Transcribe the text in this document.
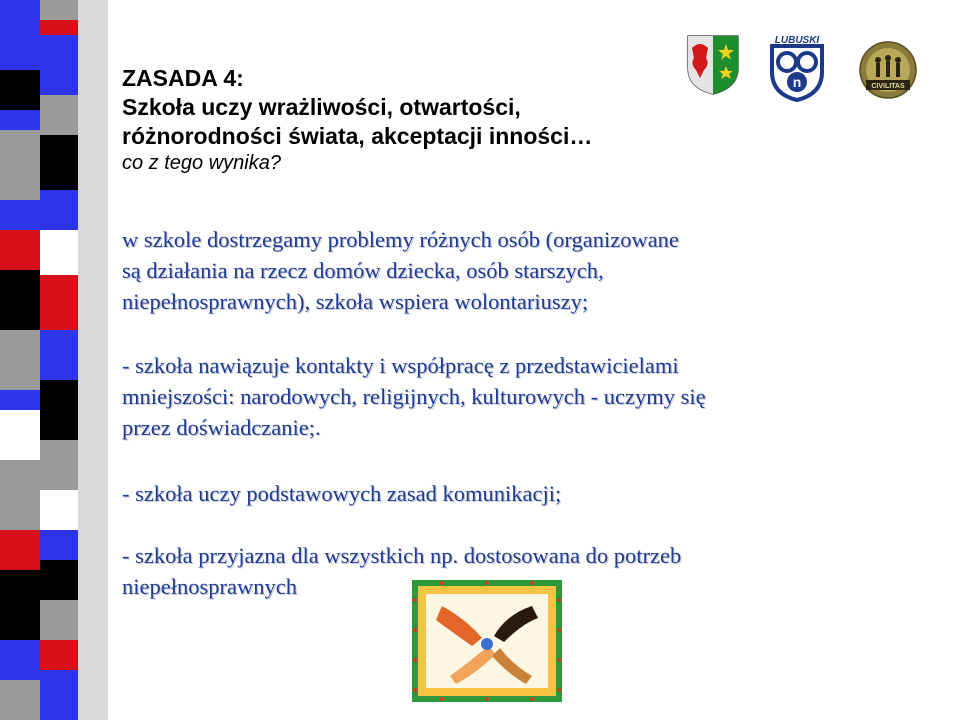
LUBUSKI
n	CIVILITAS

ZASADA 4:

Szkoła uczy wrażliwości, otwartości,

różnorodności świata, akceptacji inności…

co z tego wynika?

w szkole dostrzegamy problemy różnych osób (organizowane

są działania na rzecz domów dziecka, osób starszych,

niepełnosprawnych), szkoła wspiera wolontariuszy;

- szkoła nawiązuje kontakty i współpracę z przedstawicielami

mniejszości: narodowych, religijnych, kulturowych - uczymy się

przez doświadczanie;.

- szkoła uczy podstawowych zasad komunikacji;

- szkoła przyjazna dla wszystkich np. dostosowana do potrzeb

niepełnosprawnych
